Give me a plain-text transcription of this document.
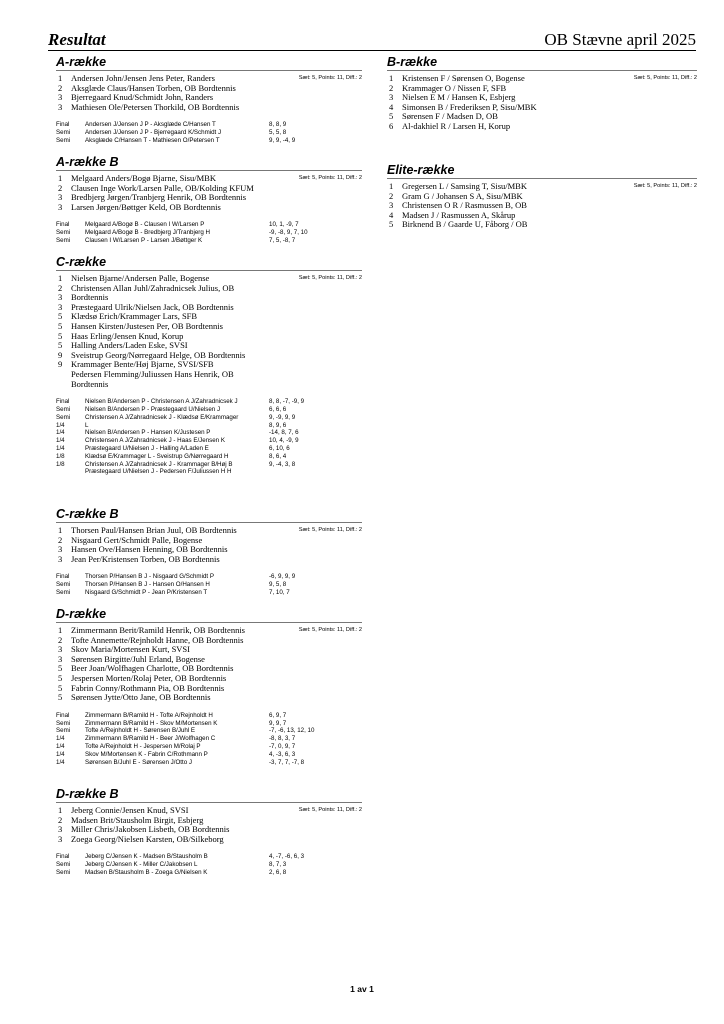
Resultat	OB Stævne april 2025
A-række
Sæt: 5, Points: 11, Diff.: 2
1	Andersen John/Jensen Jens Peter, Randers
2	Aksglæde Claus/Hansen Torben, OB Bordtennis
3	Bjerregaard Knud/Schmidt John, Randers
3	Mathiesen Ole/Petersen Thorkild, OB Bordtennis
Final	Andersen J/Jensen J P - Aksglæde C/Hansen T	8, 8, 9
Semi	Andersen J/Jensen J P - Bjerregaard K/Schmidt J	5, 5, 8
Semi	Aksglæde C/Hansen T - Mathiesen O/Petersen T	9, 9, -4, 9
A-række B
Sæt: 5, Points: 11, Diff.: 2
1	Melgaard Anders/Bogø Bjarne, Sisu/MBK
2	Clausen Inge Work/Larsen Palle, OB/Kolding KFUM
3	Bredbjerg Jørgen/Tranbjerg Henrik, OB Bordtennis
3	Larsen Jørgen/Bøttger Keld, OB Bordtennis
Final	Melgaard A/Bogø B - Clausen I W/Larsen P	10, 1, -9, 7
Semi	Melgaard A/Bogø B - Bredbjerg J/Tranbjerg H	-9, -8, 9, 7, 10
Semi	Clausen I W/Larsen P - Larsen J/Bøttger K	7, 5, -8, 7
C-række
Sæt: 5, Points: 11, Diff.: 2
1	Nielsen Bjarne/Andersen Palle, Bogense
2	Christensen Allan Juhl/Zahradnicsek Julius, OB
3	Bordtennis
3	Præstegaard Ulrik/Nielsen Jack, OB Bordtennis
5	Klædsø Erich/Krammager Lars, SFB
5	Hansen Kirsten/Justesen Per, OB Bordtennis
5	Haas Erling/Jensen Knud, Korup
5	Halling Anders/Laden Eske, SVSI
9	Sveistrup Georg/Nørregaard Helge, OB Bordtennis
9	Krammager Bente/Høj Bjarne, SVSI/SFB
Pedersen Flemming/Juliussen Hans Henrik, OB
Bordtennis
Final	Nielsen B/Andersen P - Christensen A J/Zahradnicsek J	8, 8, -7, -9, 9
Semi	Nielsen B/Andersen P - Præstegaard U/Nielsen J	6, 6, 6
Semi	Christensen A J/Zahradnicsek J - Klædsø E/Krammager	9, -9, 9, 9
1/4	L	8, 9, 6
1/4	Nielsen B/Andersen P - Hansen K/Justesen P	-14, 8, 7, 6
1/4	Christensen A J/Zahradnicsek J - Haas E/Jensen K	10, 4, -9, 9
1/4	Præstegaard U/Nielsen J - Halling A/Laden E	6, 10, 6
1/8	Klædsø E/Krammager L - Sveistrup G/Nørregaard H	8, 6, 4
1/8	Christensen A J/Zahradnicsek J - Krammager B/Høj B	9, -4, 3, 8
Præstegaard U/Nielsen J - Pedersen F/Juliussen H H
C-række B
Sæt: 5, Points: 11, Diff.: 2
1	Thorsen Paul/Hansen Brian Juul, OB Bordtennis
2	Nisgaard Gert/Schmidt Palle, Bogense
3	Hansen Ove/Hansen Henning, OB Bordtennis
3	Jean Per/Kristensen Torben, OB Bordtennis
Final	Thorsen P/Hansen B J - Nisgaard G/Schmidt P	-6, 9, 9, 9
Semi	Thorsen P/Hansen B J - Hansen O/Hansen H	9, 5, 8
Semi	Nisgaard G/Schmidt P - Jean P/Kristensen T	7, 10, 7
D-række
Sæt: 5, Points: 11, Diff.: 2
1	Zimmermann Berit/Ramild Henrik, OB Bordtennis
2	Tofte Annemette/Rejnholdt Hanne, OB Bordtennis
3	Skov Maria/Mortensen Kurt, SVSI
3	Sørensen Birgitte/Juhl Erland, Bogense
5	Beer Joan/Wolfhagen Charlotte, OB Bordtennis
5	Jespersen Morten/Rolaj Peter, OB Bordtennis
5	Fabrin Conny/Rothmann Pia, OB Bordtennis
5	Sørensen Jytte/Otto Jane, OB Bordtennis
Final	Zimmermann B/Ramild H - Tofte A/Rejnholdt H	6, 9, 7
Semi	Zimmermann B/Ramild H - Skov M/Mortensen K	9, 9, 7
Semi	Tofte A/Rejnholdt H - Sørensen B/Juhl E	-7, -6, 13, 12, 10
1/4	Zimmermann B/Ramild H - Beer J/Wolfhagen C	-8, 8, 3, 7
1/4	Tofte A/Rejnholdt H - Jespersen M/Rolaj P	-7, 0, 9, 7
1/4	Skov M/Mortensen K - Fabrin C/Rothmann P	4, -3, 6, 3
1/4	Sørensen B/Juhl E - Sørensen J/Otto J	-3, 7, 7, -7, 8
D-række B
Sæt: 5, Points: 11, Diff.: 2
1	Jeberg Connie/Jensen Knud, SVSI
2	Madsen Brit/Stausholm Birgit, Esbjerg
3	Miller Chris/Jakobsen Lisbeth, OB Bordtennis
3	Zoega Georg/Nielsen Karsten, OB/Silkeborg
Final	Jeberg C/Jensen K - Madsen B/Stausholm B	4, -7, -6, 6, 3
Semi	Jeberg C/Jensen K - Miller C/Jakobsen L	8, 7, 3
Semi	Madsen B/Stausholm B - Zoega G/Nielsen K	2, 6, 8
B-række
Sæt: 5, Points: 11, Diff.: 2
1	Kristensen F / Sørensen O, Bogense
2	Krammager O / Nissen F, SFB
3	Nielsen E M / Hansen K, Esbjerg
4	Simonsen B / Frederiksen P, Sisu/MBK
5	Sørensen F / Madsen D, OB
6	Al-dakhiel R / Larsen H, Korup
Elite-række
Sæt: 5, Points: 11, Diff.: 2
1	Gregersen L / Samsing T, Sisu/MBK
2	Gram G / Johansen S A, Sisu/MBK
3	Christensen O R / Rasmussen B, OB
4	Madsen J / Rasmussen A, Skårup
5	Birknend B / Gaarde U, Fåborg / OB
1 av 1
